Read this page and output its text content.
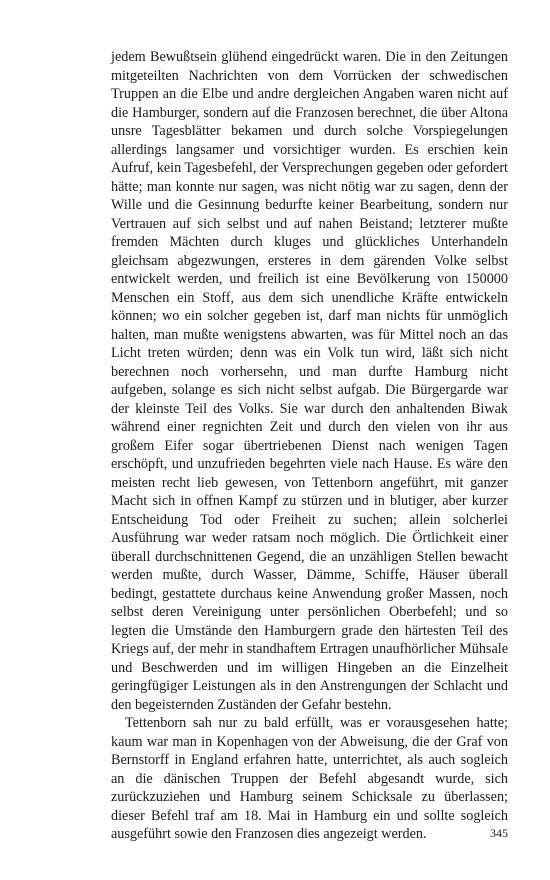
jedem Bewußtsein glühend eingedrückt waren. Die in den Zeitungen mitgeteilten Nachrichten von dem Vorrücken der schwedischen Truppen an die Elbe und andre dergleichen Angaben waren nicht auf die Hamburger, sondern auf die Franzosen berechnet, die über Altona unsre Tagesblätter bekamen und durch solche Vorspiegelungen allerdings langsamer und vorsichtiger wurden. Es erschien kein Aufruf, kein Tagesbefehl, der Versprechungen gegeben oder gefordert hätte; man konnte nur sagen, was nicht nötig war zu sagen, denn der Wille und die Gesinnung bedurfte keiner Bearbeitung, sondern nur Vertrauen auf sich selbst und auf nahen Beistand; letzterer mußte fremden Mächten durch kluges und glückliches Unterhandeln gleichsam abgezwungen, ersteres in dem gärenden Volke selbst entwickelt werden, und freilich ist eine Bevölkerung von 150000 Menschen ein Stoff, aus dem sich unendliche Kräfte entwickeln können; wo ein solcher gegeben ist, darf man nichts für unmöglich halten, man mußte wenigstens abwarten, was für Mittel noch an das Licht treten würden; denn was ein Volk tun wird, läßt sich nicht berechnen noch vorhersehn, und man durfte Hamburg nicht aufgeben, solange es sich nicht selbst aufgab. Die Bürgergarde war der kleinste Teil des Volks. Sie war durch den anhaltenden Biwak während einer regnichten Zeit und durch den vielen von ihr aus großem Eifer sogar übertriebenen Dienst nach wenigen Tagen erschöpft, und unzufrieden begehrten viele nach Hause. Es wäre den meisten recht lieb gewesen, von Tettenborn angeführt, mit ganzer Macht sich in offnen Kampf zu stürzen und in blutiger, aber kurzer Entscheidung Tod oder Freiheit zu suchen; allein solcherlei Ausführung war weder ratsam noch möglich. Die Örtlichkeit einer überall durchschnittenen Gegend, die an unzähligen Stellen bewacht werden mußte, durch Wasser, Dämme, Schiffe, Häuser überall bedingt, gestattete durchaus keine Anwendung großer Massen, noch selbst deren Vereinigung unter persönlichen Oberbefehl; und so legten die Umstände den Hamburgern grade den härtesten Teil des Kriegs auf, der mehr in standhaftem Ertragen unaufhörlicher Mühsale und Beschwerden und im willigen Hingeben an die Einzelheit geringfügiger Leistungen als in den Anstrengungen der Schlacht und den begeisternden Zuständen der Gefahr bestehn.

Tettenborn sah nur zu bald erfüllt, was er vorausgesehen hatte; kaum war man in Kopenhagen von der Abweisung, die der Graf von Bernstorff in England erfahren hatte, unterrichtet, als auch sogleich an die dänischen Truppen der Befehl abgesandt wurde, sich zurückzuziehen und Hamburg seinem Schicksale zu überlassen; dieser Befehl traf am 18. Mai in Hamburg ein und sollte sogleich ausgeführt sowie den Franzosen dies angezeigt werden.	345
